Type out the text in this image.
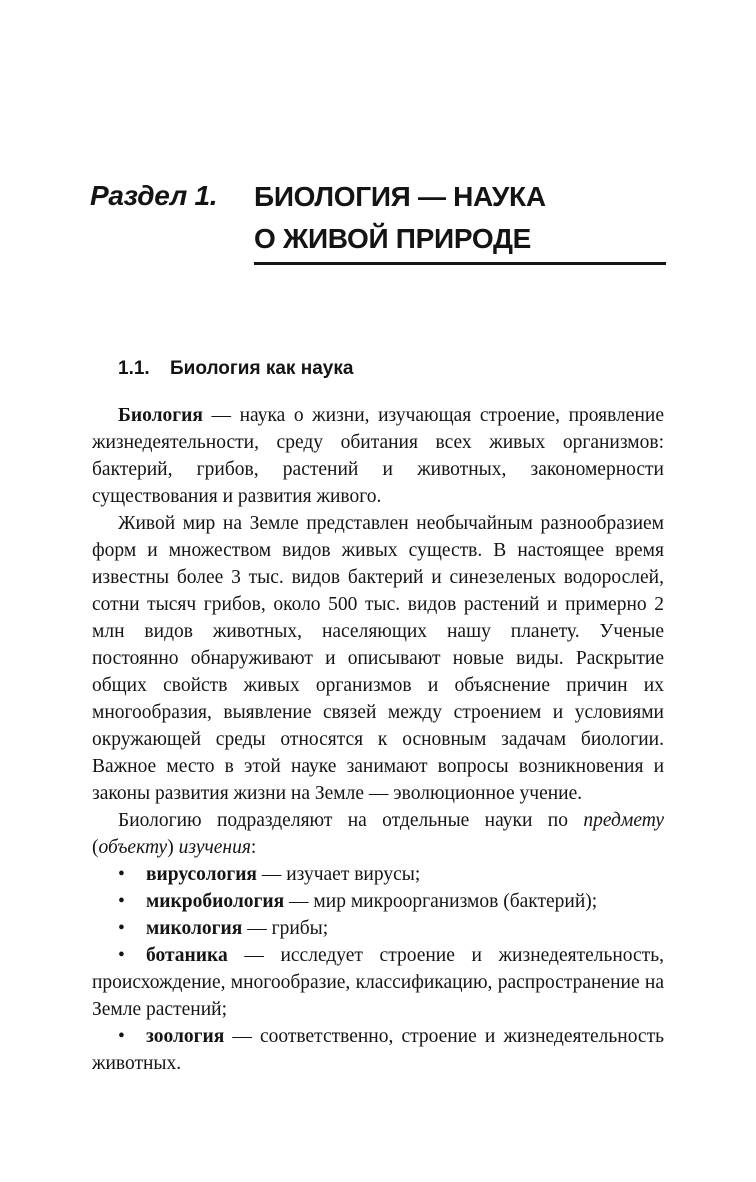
Раздел 1. БИОЛОГИЯ — НАУКА
О ЖИВОЙ ПРИРОДЕ
1.1. Биология как наука

Биология — наука о жизни, изучающая строение, проявление жизнедеятельности, среду обитания всех живых организмов: бактерий, грибов, растений и животных, закономерности существования и развития живого.

Живой мир на Земле представлен необычайным разнообразием форм и множеством видов живых существ. В настоящее время известны более 3 тыс. видов бактерий и синезеленых водорослей, сотни тысяч грибов, около 500 тыс. видов растений и примерно 2 млн видов животных, населяющих нашу планету. Ученые постоянно обнаруживают и описывают новые виды. Раскрытие общих свойств живых организмов и объяснение причин их многообразия, выявление связей между строением и условиями окружающей среды относятся к основным задачам биологии. Важное место в этой науке занимают вопросы возникновения и законы развития жизни на Земле — эволюционное учение.

Биологию подразделяют на отдельные науки по предмету (объекту) изучения:

• вирусология — изучает вирусы;
• микробиология — мир микроорганизмов (бактерий);
• микология — грибы;
• ботаника — исследует строение и жизнедеятельность, происхождение, многообразие, классификацию, распространение на Земле растений;
• зоология — соответственно, строение и жизнедеятельность животных.
